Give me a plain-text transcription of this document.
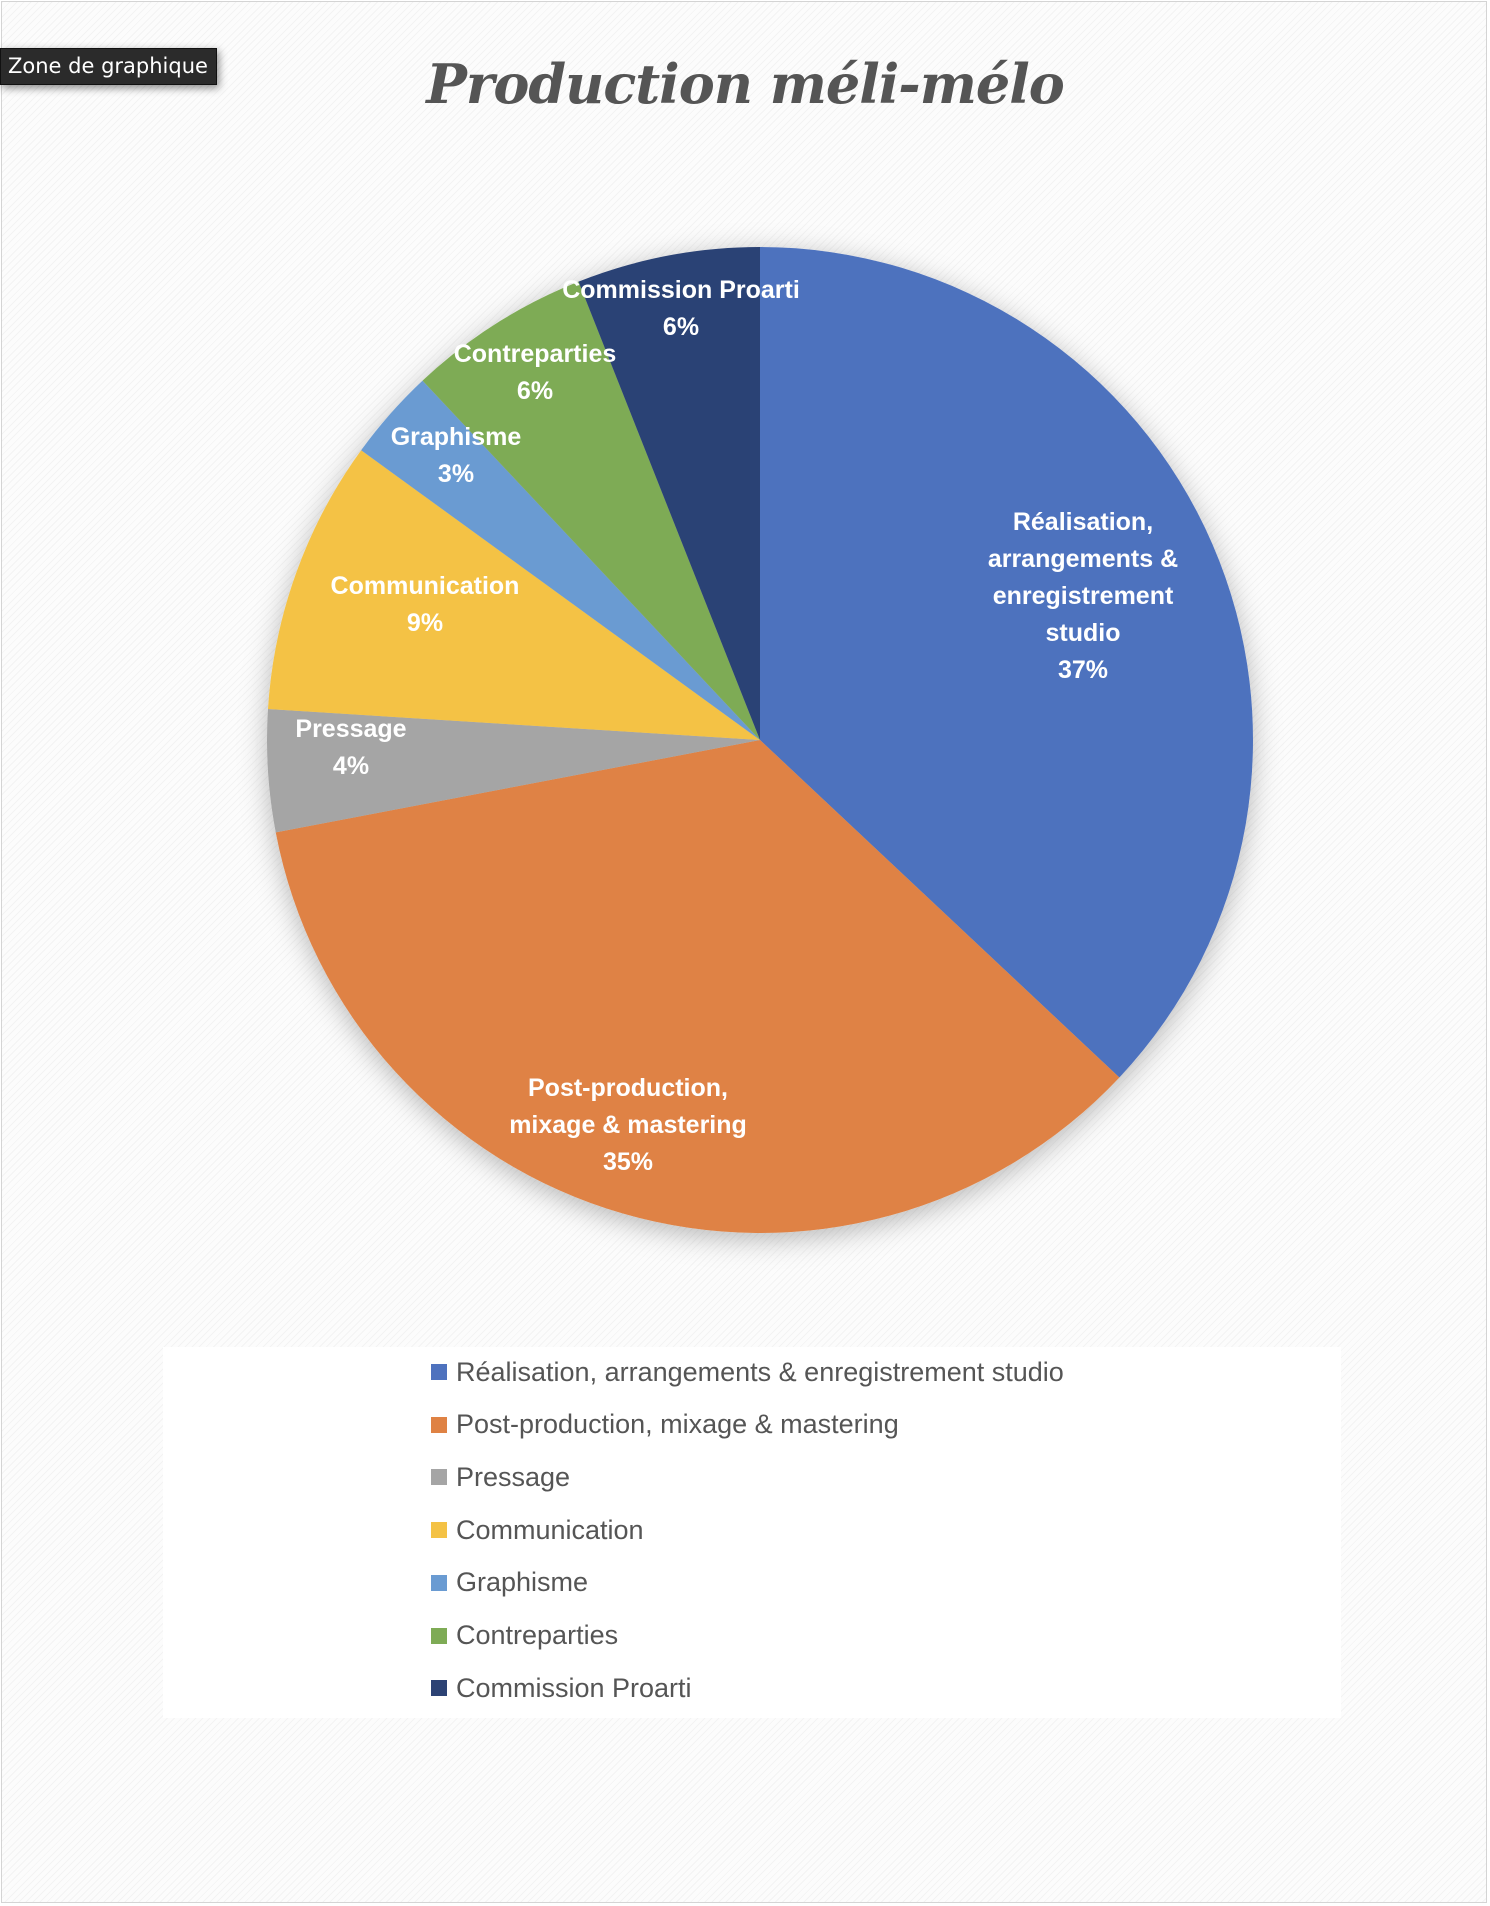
Zone de graphique	Production méli-mélo
Réalisation, arrangements & enregistrement studio 37%
Post-production, mixage & mastering 35%
Pressage 4%
Communication 9%
Graphisme 3%
Contreparties 6%
Commission Proarti 6%
Réalisation, arrangements & enregistrement studio
Post-production, mixage & mastering
Pressage
Communication
Graphisme
Contreparties
Commission Proarti
